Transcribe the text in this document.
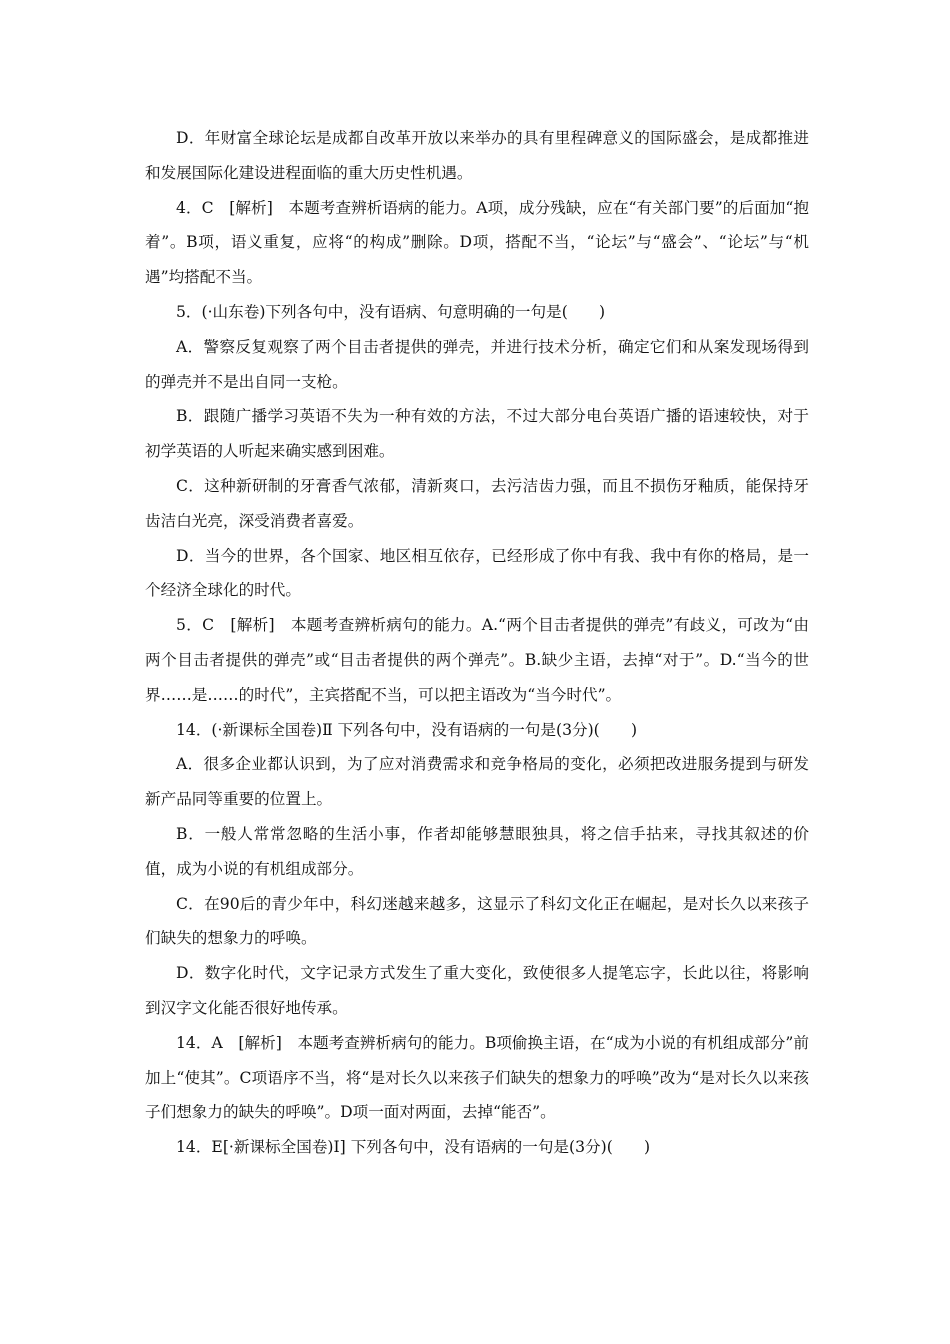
D．年财富全球论坛是成都自改革开放以来举办的具有里程碑意义的国际盛会，是成都推进和发展国际化建设进程面临的重大历史性机遇。

4．C　[解析]　本题考查辨析语病的能力。A项，成分残缺，应在“有关部门要”的后面加“抱着”。B项，语义重复，应将“的构成”删除。D项，搭配不当，“论坛”与“盛会”、“论坛”与“机遇”均搭配不当。

5．(·山东卷)下列各句中，没有语病、句意明确的一句是(　　)

A．警察反复观察了两个目击者提供的弹壳，并进行技术分析，确定它们和从案发现场得到的弹壳并不是出自同一支枪。

B．跟随广播学习英语不失为一种有效的方法，不过大部分电台英语广播的语速较快，对于初学英语的人听起来确实感到困难。

C．这种新研制的牙膏香气浓郁，清新爽口，去污洁齿力强，而且不损伤牙釉质，能保持牙齿洁白光亮，深受消费者喜爱。

D．当今的世界，各个国家、地区相互依存，已经形成了你中有我、我中有你的格局，是一个经济全球化的时代。

5．C　[解析]　本题考查辨析病句的能力。A.“两个目击者提供的弹壳”有歧义，可改为“由两个目击者提供的弹壳”或“目击者提供的两个弹壳”。B.缺少主语，去掉“对于”。D.“当今的世界……是……的时代”，主宾搭配不当，可以把主语改为“当今时代”。

14．(·新课标全国卷)Ⅱ 下列各句中，没有语病的一句是(3分)(　　)

A．很多企业都认识到，为了应对消费需求和竞争格局的变化，必须把改进服务提到与研发新产品同等重要的位置上。

B．一般人常常忽略的生活小事，作者却能够慧眼独具，将之信手拈来，寻找其叙述的价值，成为小说的有机组成部分。

C．在90后的青少年中，科幻迷越来越多，这显示了科幻文化正在崛起，是对长久以来孩子们缺失的想象力的呼唤。

D．数字化时代，文字记录方式发生了重大变化，致使很多人提笔忘字，长此以往，将影响到汉字文化能否很好地传承。

14．A　[解析]　本题考查辨析病句的能力。B项偷换主语，在“成为小说的有机组成部分”前加上“使其”。C项语序不当，将“是对长久以来孩子们缺失的想象力的呼唤”改为“是对长久以来孩子们想象力的缺失的呼唤”。D项一面对两面，去掉“能否”。

14．E[·新课标全国卷)Ⅰ] 下列各句中，没有语病的一句是(3分)(　　)
